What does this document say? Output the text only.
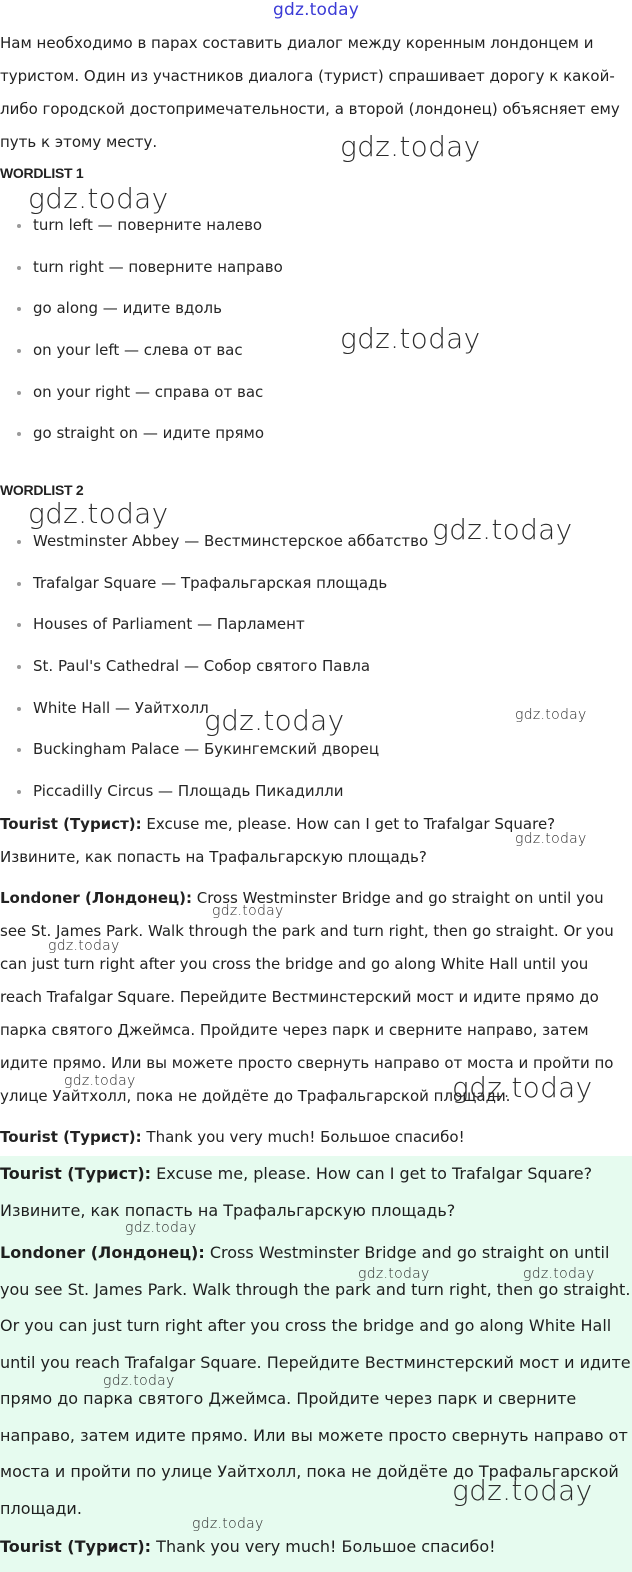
gdz.today

Нам необходимо в парах составить диалог между коренным лондонцем и туристом. Один из участников диалога (турист) спрашивает дорогу к какой-либо городской достопримечательности, а второй (лондонец) объясняет ему путь к этому месту.

WORDLIST 1
turn left — поверните налево
turn right — поверните направо
go along — идите вдоль
on your left — слева от вас
on your right — справа от вас
go straight on — идите прямо
WORDLIST 2
Westminster Abbey — Вестминстерское аббатство
Trafalgar Square — Трафальгарская площадь
Houses of Parliament — Парламент
St. Paul's Cathedral — Собор святого Павла
White Hall — Уайтхолл
Buckingham Palace — Букингемский дворец
Piccadilly Circus — Площадь Пикадилли

Tourist (Турист): Excuse me, please. How can I get to Trafalgar Square? Извините, как попасть на Трафальгарскую площадь?

Londoner (Лондонец): Cross Westminster Bridge and go straight on until you see St. James Park. Walk through the park and turn right, then go straight. Or you can just turn right after you cross the bridge and go along White Hall until you reach Trafalgar Square. Перейдите Вестминстерский мост и идите прямо до парка святого Джеймса. Пройдите через парк и сверните направо, затем идите прямо. Или вы можете просто свернуть направо от моста и пройти по улице Уайтхолл, пока не дойдёте до Трафальгарской площади.

Tourist (Турист): Thank you very much! Большое спасибо!

Tourist (Турист): Excuse me, please. How can I get to Trafalgar Square? Извините, как попасть на Трафальгарскую площадь?

Londoner (Лондонец): Cross Westminster Bridge and go straight on until you see St. James Park. Walk through the park and turn right, then go straight. Or you can just turn right after you cross the bridge and go along White Hall until you reach Trafalgar Square. Перейдите Вестминстерский мост и идите прямо до парка святого Джеймса. Пройдите через парк и сверните направо, затем идите прямо. Или вы можете просто свернуть направо от моста и пройти по улице Уайтхолл, пока не дойдёте до Трафальгарской площади.

Tourist (Турист): Thank you very much! Большое спасибо!

gdz.today
gdz.today
gdz.today
gdz.today	gdz.today
gdz.today	gdz.today
gdz.today
gdz.today
gdz.today
gdz.today
gdz.today
gdz.today
gdz.today	gdz.today
gdz.today
gdz.today
gdz.today
